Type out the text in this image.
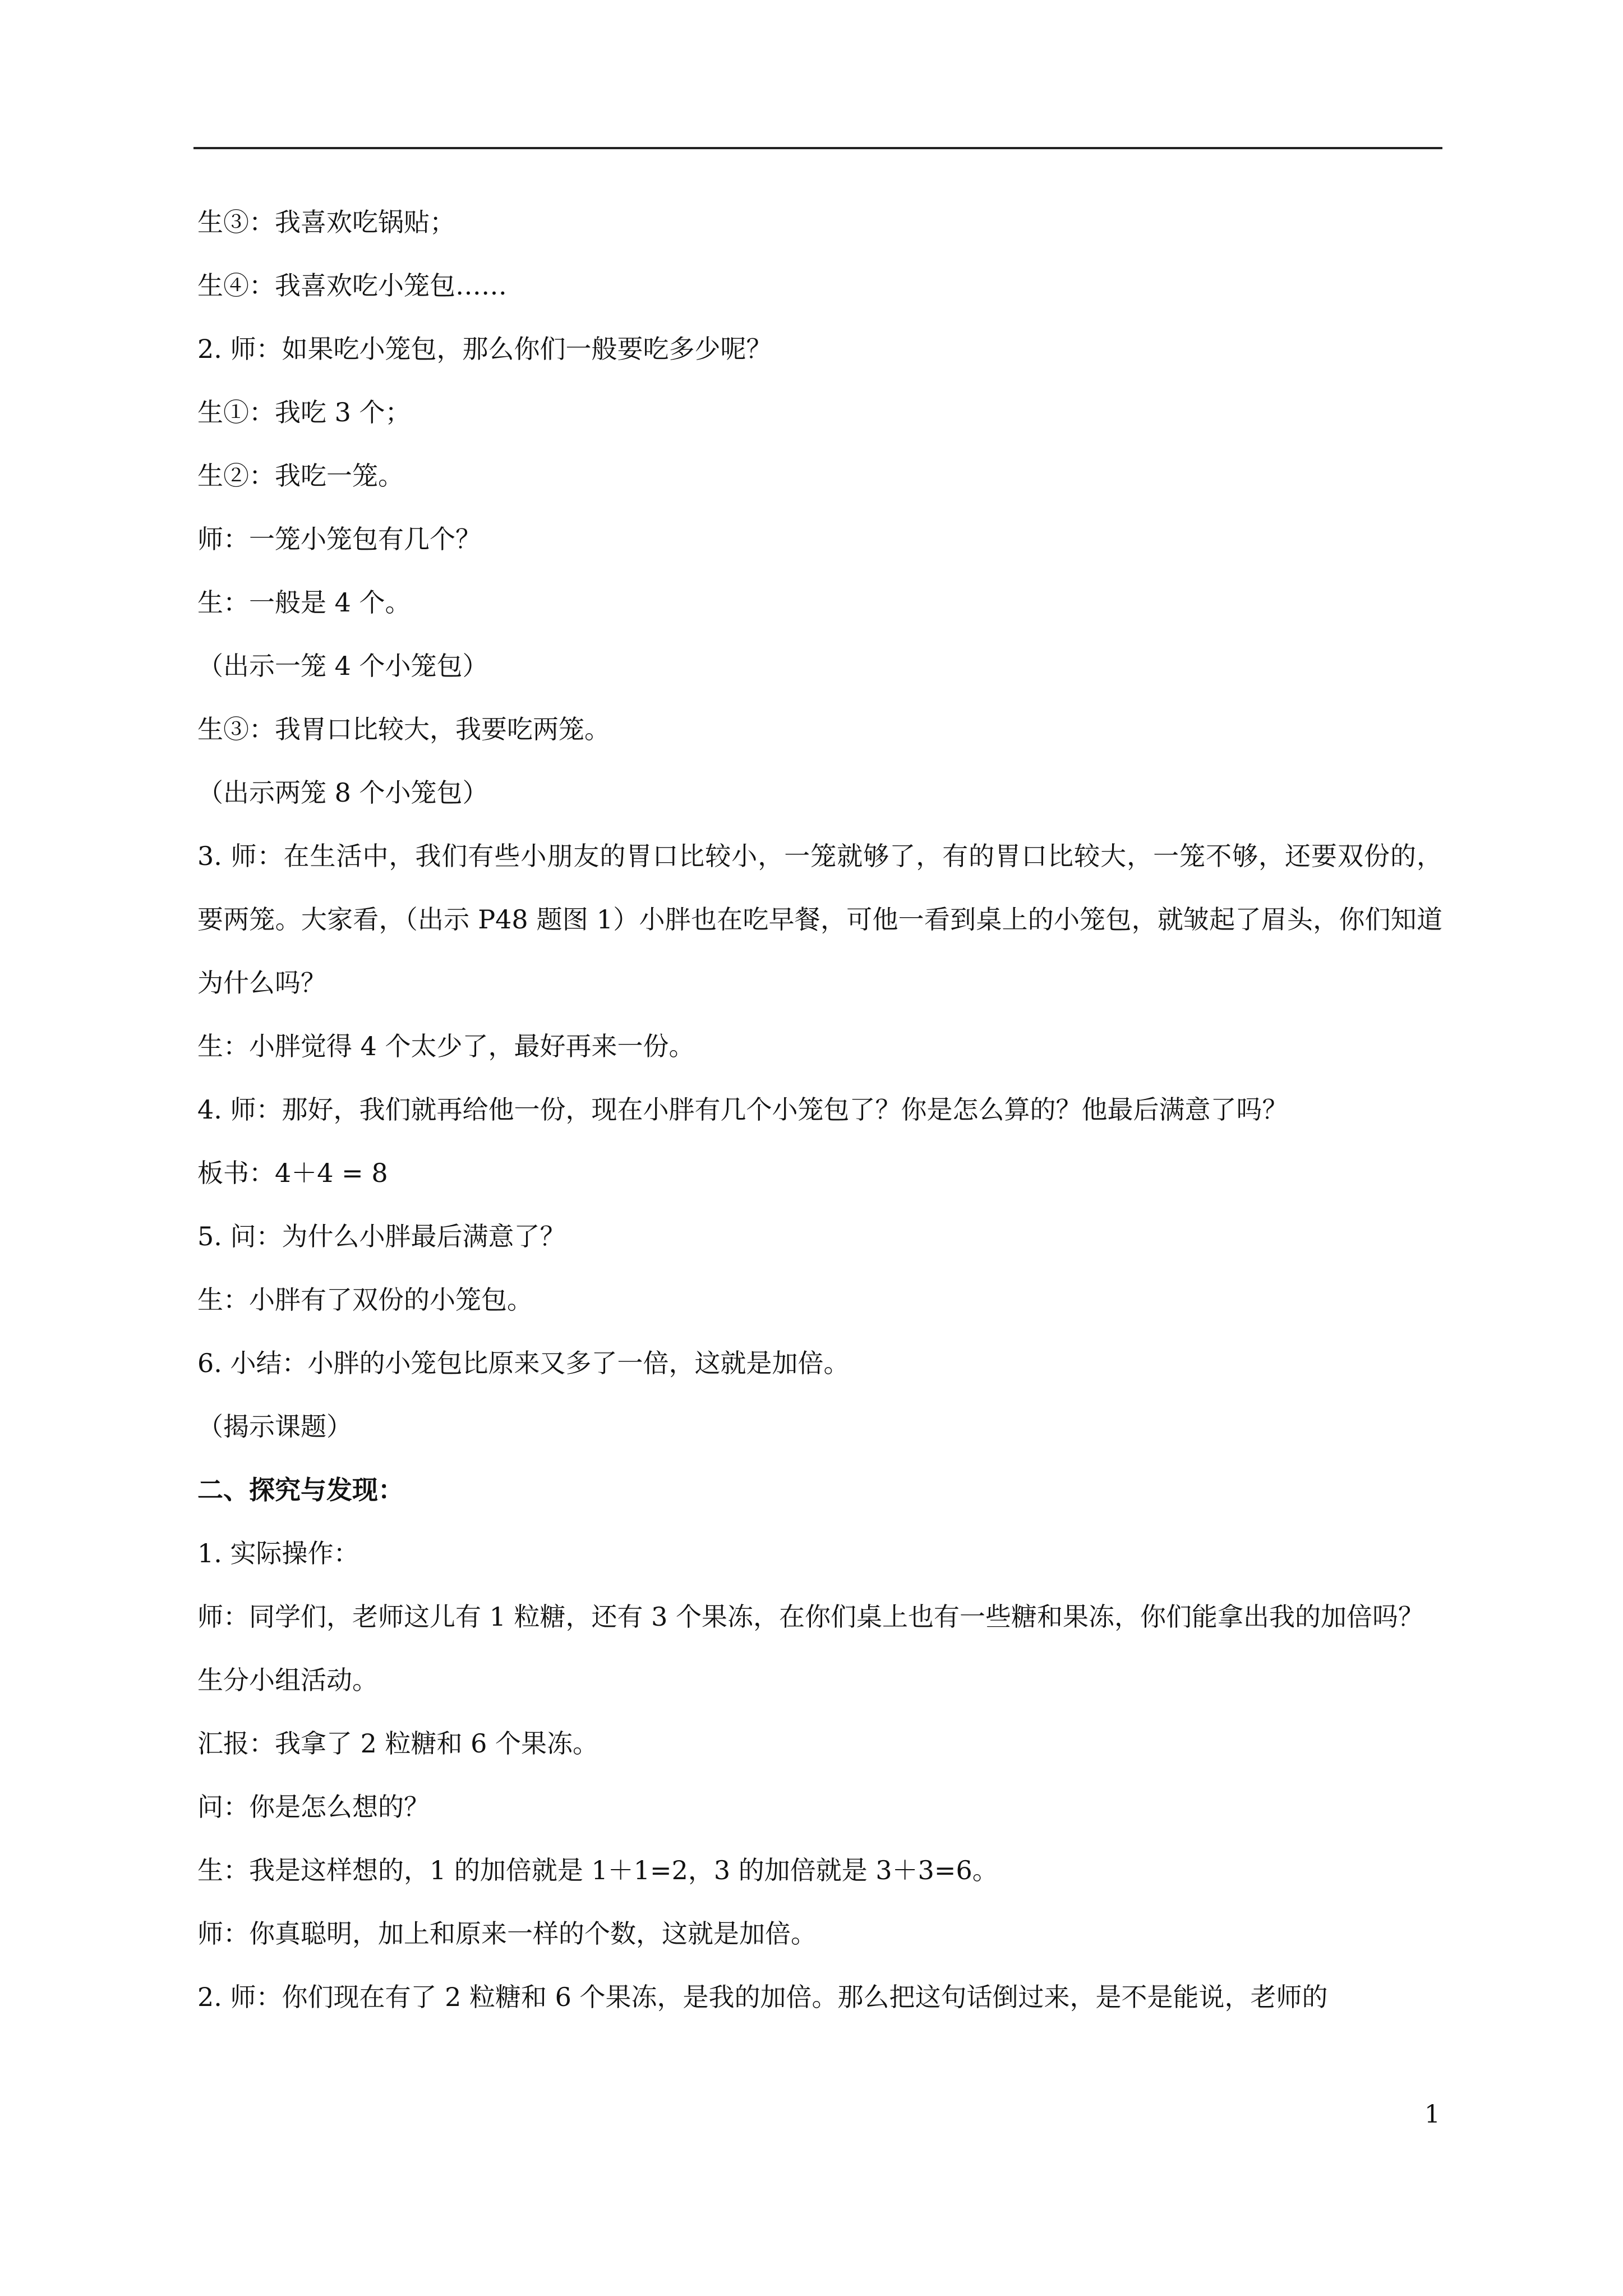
生③：我喜欢吃锅贴；

生④：我喜欢吃小笼包……

2. 师：如果吃小笼包，那么你们一般要吃多少呢？

生①：我吃 3 个；

生②：我吃一笼。

师：一笼小笼包有几个？

生：一般是 4 个。

（出示一笼 4 个小笼包）

生③：我胃口比较大，我要吃两笼。

（出示两笼 8 个小笼包）

3. 师：在生活中，我们有些小朋友的胃口比较小，一笼就够了，有的胃口比较大，一笼不够，还要双份的，要两笼。大家看，（出示 P48 题图 1）小胖也在吃早餐，可他一看到桌上的小笼包，就皱起了眉头，你们知道为什么吗？

生：小胖觉得 4 个太少了，最好再来一份。

4. 师：那好，我们就再给他一份，现在小胖有几个小笼包了？你是怎么算的？他最后满意了吗？

板书：4＋4 = 8

5. 问：为什么小胖最后满意了？

生：小胖有了双份的小笼包。

6. 小结：小胖的小笼包比原来又多了一倍，这就是加倍。

（揭示课题）

二、探究与发现：

1. 实际操作：

师：同学们，老师这儿有 1 粒糖，还有 3 个果冻，在你们桌上也有一些糖和果冻，你们能拿出我的加倍吗？

生分小组活动。

汇报：我拿了 2 粒糖和 6 个果冻。

问：你是怎么想的？

生：我是这样想的，1 的加倍就是 1＋1=2，3 的加倍就是 3＋3=6。

师：你真聪明，加上和原来一样的个数，这就是加倍。

2. 师：你们现在有了 2 粒糖和 6 个果冻，是我的加倍。那么把这句话倒过来，是不是能说，老师的

1
